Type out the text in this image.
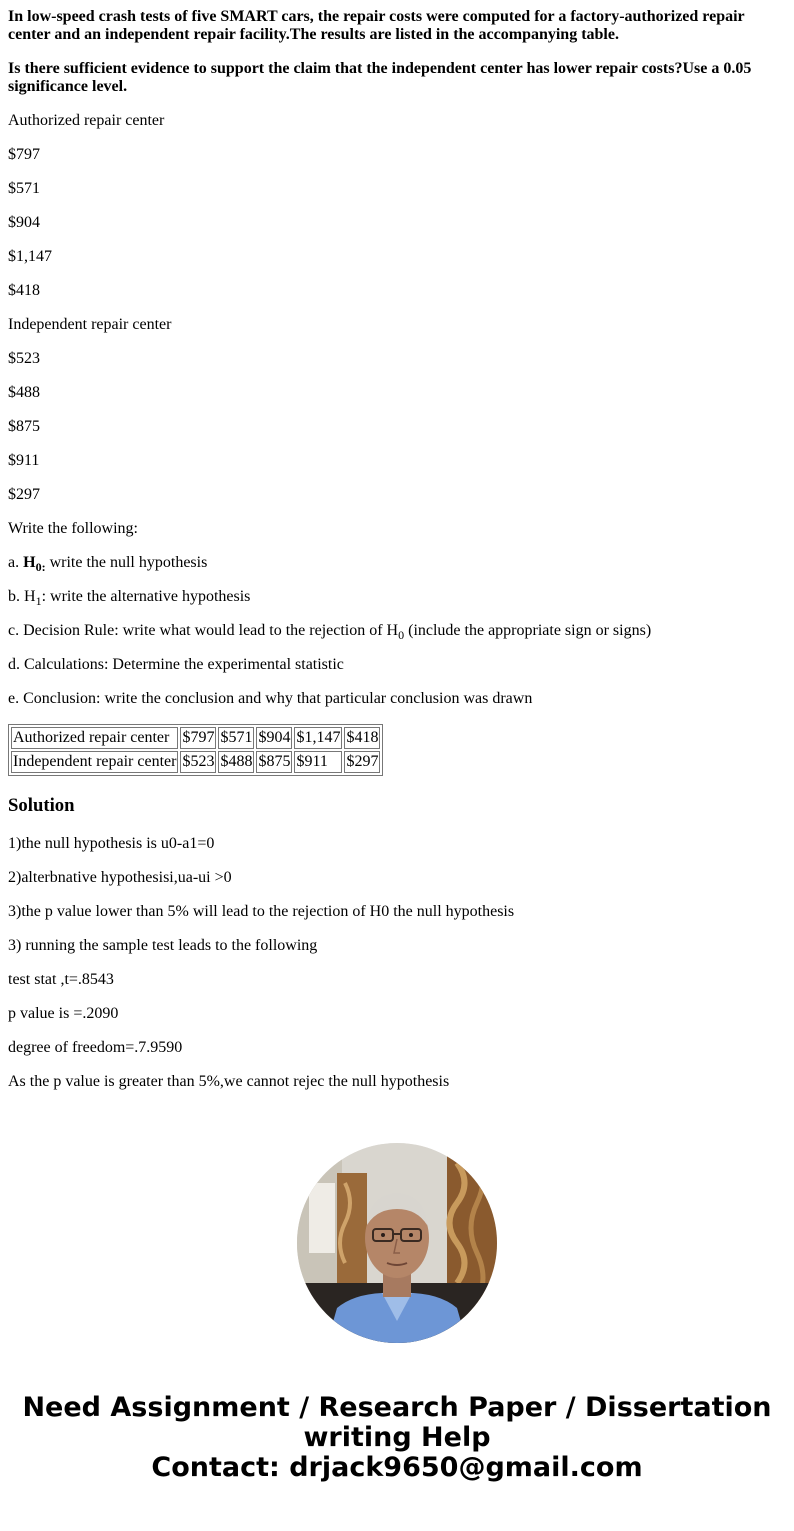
In low-speed crash tests of five SMART cars, the repair costs were computed for a factory-authorized repair center and an independent repair facility.The results are listed in the accompanying table.

Is there sufficient evidence to support the claim that the independent center has lower repair costs?Use a 0.05 significance level.

Authorized repair center

$797

$571

$904

$1,147

$418

Independent repair center

$523

$488

$875

$911

$297

Write the following:

a. $H_{0:}$ write the null hypothesis

b. $H_1$: write the alternative hypothesis

c. Decision Rule: write what would lead to the rejection of $H_0$ (include the appropriate sign or signs)

d. Calculations: Determine the experimental statistic

e. Conclusion: write the conclusion and why that particular conclusion was drawn

Authorized repair center	$797	$571	$904	$1,147	$418
Independent repair center	$523	$488	$875	$911	$297
Solution

1)the null hypothesis is u0-a1=0

2)alterbnative hypothesisi,ua-ui >0

3)the p value lower than 5% will lead to the rejection of H0 the null hypothesis

3) running the sample test leads to the following

test stat ,t=.8543

p value is =.2090

degree of freedom=.7.9590

As the p value is greater than 5%,we cannot rejec the null hypothesis

Need Assignment / Research Paper / Dissertation
writing Help
Contact: drjack9650@gmail.com
